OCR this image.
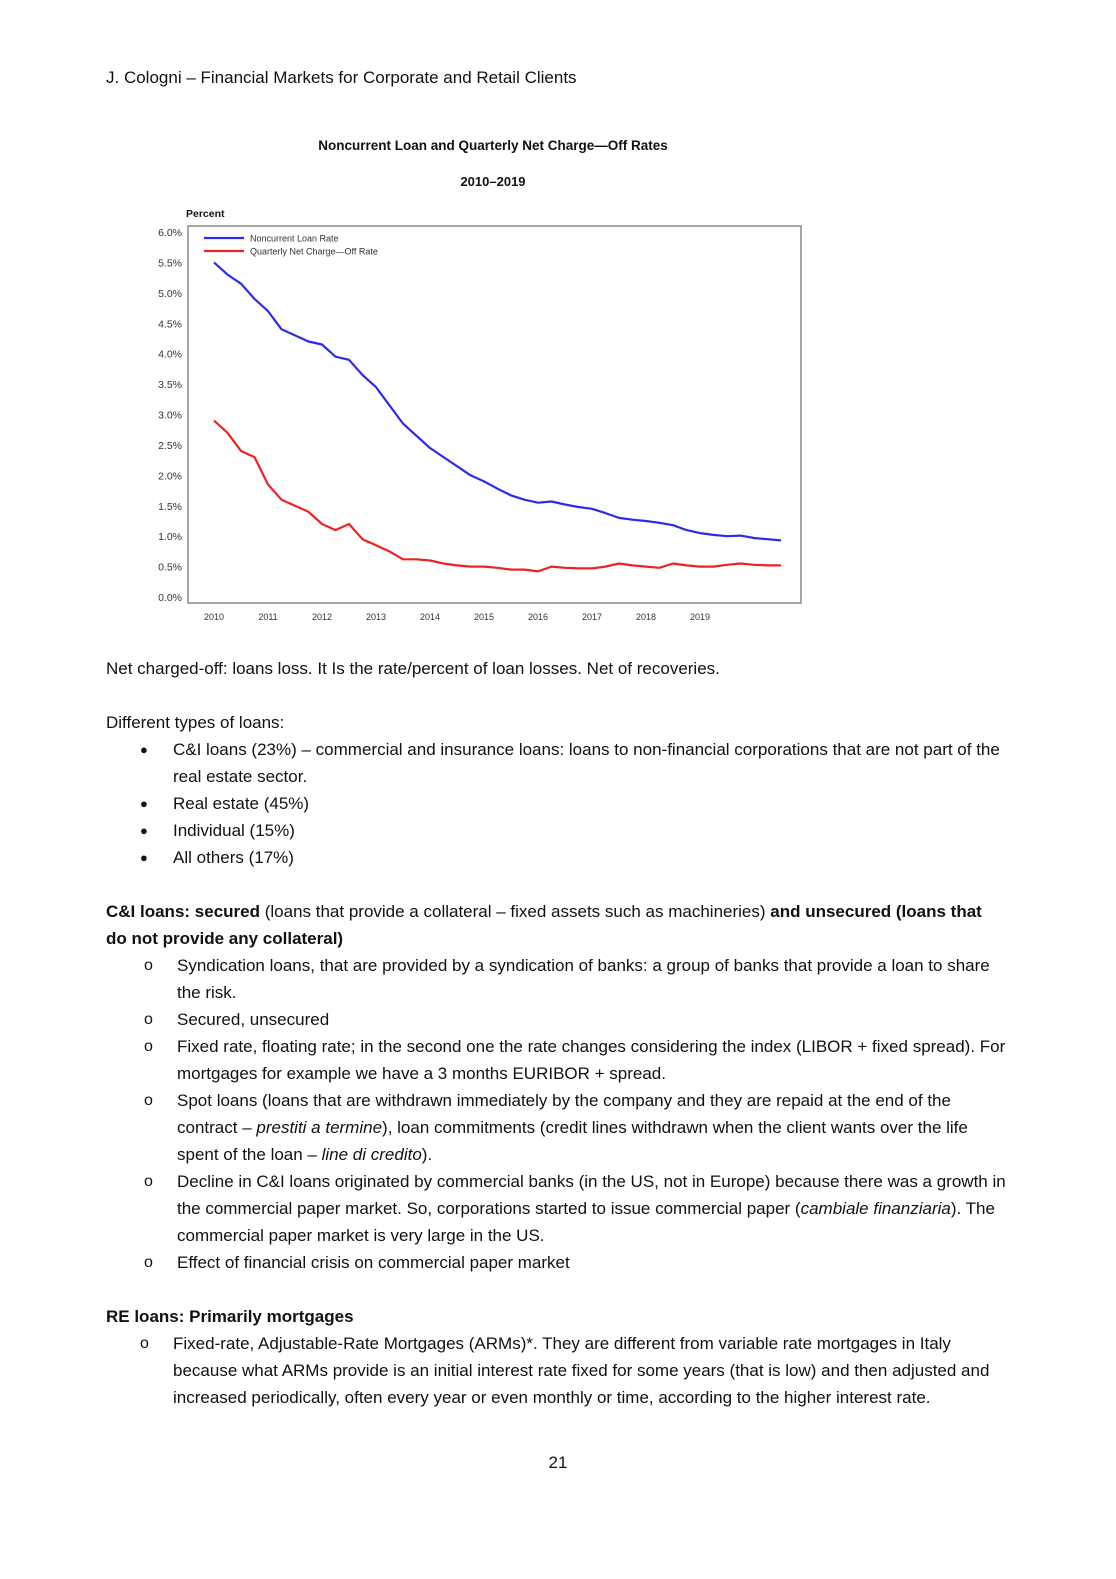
J. Cologni – Financial Markets for Corporate and Retail Clients
Noncurrent Loan and Quarterly Net Charge—Off Rates
2010–2019
Percent
0.0%
0.5%
1.0%
1.5%
2.0%
2.5%
3.0%
3.5%
4.0%
4.5%
5.0%
5.5%
6.0%
2010	2011	2012	2013	2014	2015	2016	2017	2018	2019
Noncurrent Loan Rate
Quarterly Net Charge—Off Rate

Net charged-off: loans loss. It Is the rate/percent of loan losses. Net of recoveries.

Different types of loans:

● C&I loans (23%) – commercial and insurance loans: loans to non-financial corporations that are not part of the real estate sector.
● Real estate (45%)
● Individual (15%)
● All others (17%)

C&I loans: secured (loans that provide a collateral – fixed assets such as machineries) and unsecured (loans that do not provide any collateral)

o Syndication loans, that are provided by a syndication of banks: a group of banks that provide a loan to share the risk.
o Secured, unsecured
o Fixed rate, floating rate; in the second one the rate changes considering the index (LIBOR + fixed spread). For mortgages for example we have a 3 months EURIBOR + spread.
o Spot loans (loans that are withdrawn immediately by the company and they are repaid at the end of the contract – prestiti a termine), loan commitments (credit lines withdrawn when the client wants over the life spent of the loan – line di credito).
o Decline in C&I loans originated by commercial banks (in the US, not in Europe) because there was a growth in the commercial paper market. So, corporations started to issue commercial paper (cambiale finanziaria). The commercial paper market is very large in the US.
o Effect of financial crisis on commercial paper market

RE loans: Primarily mortgages

o Fixed-rate, Adjustable-Rate Mortgages (ARMs)*. They are different from variable rate mortgages in Italy because what ARMs provide is an initial interest rate fixed for some years (that is low) and then adjusted and increased periodically, often every year or even monthly or time, according to the higher interest rate.
21
